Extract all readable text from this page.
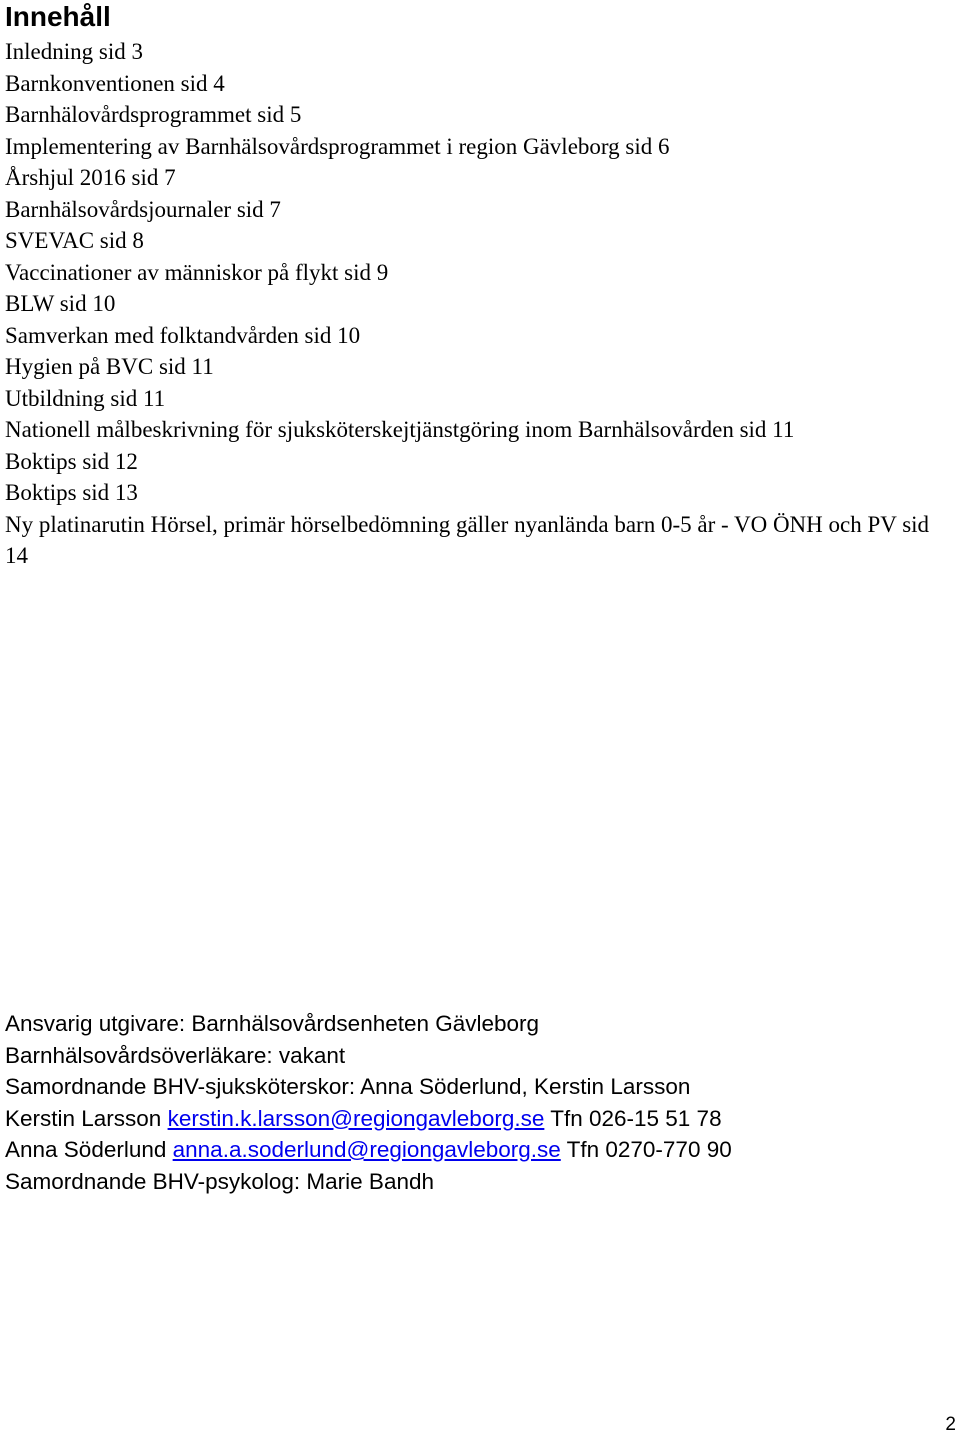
Innehåll
Inledning sid 3
Barnkonventionen sid 4
Barnhälovårdsprogrammet sid 5
Implementering av Barnhälsovårdsprogrammet i region Gävleborg sid 6
Årshjul 2016 sid 7
Barnhälsovårdsjournaler sid 7
SVEVAC sid 8
Vaccinationer av människor på flykt sid 9
BLW sid 10
Samverkan med folktandvården sid 10
Hygien på BVC sid 11
Utbildning sid 11
Nationell målbeskrivning för sjuksköterskejtjänstgöring inom Barnhälsovården sid 11
Boktips sid 12
Boktips sid 13
Ny platinarutin Hörsel, primär hörselbedömning gäller nyanlända barn 0-5 år - VO ÖNH och PV sid 14
Ansvarig utgivare: Barnhälsovårdsenheten Gävleborg
Barnhälsovårdsöverläkare: vakant
Samordnande BHV-sjuksköterskor: Anna Söderlund, Kerstin Larsson
Kerstin Larsson kerstin.k.larsson@regiongavleborg.se Tfn 026-15 51 78
Anna Söderlund anna.a.soderlund@regiongavleborg.se Tfn 0270-770 90
Samordnande BHV-psykolog: Marie Bandh
2
